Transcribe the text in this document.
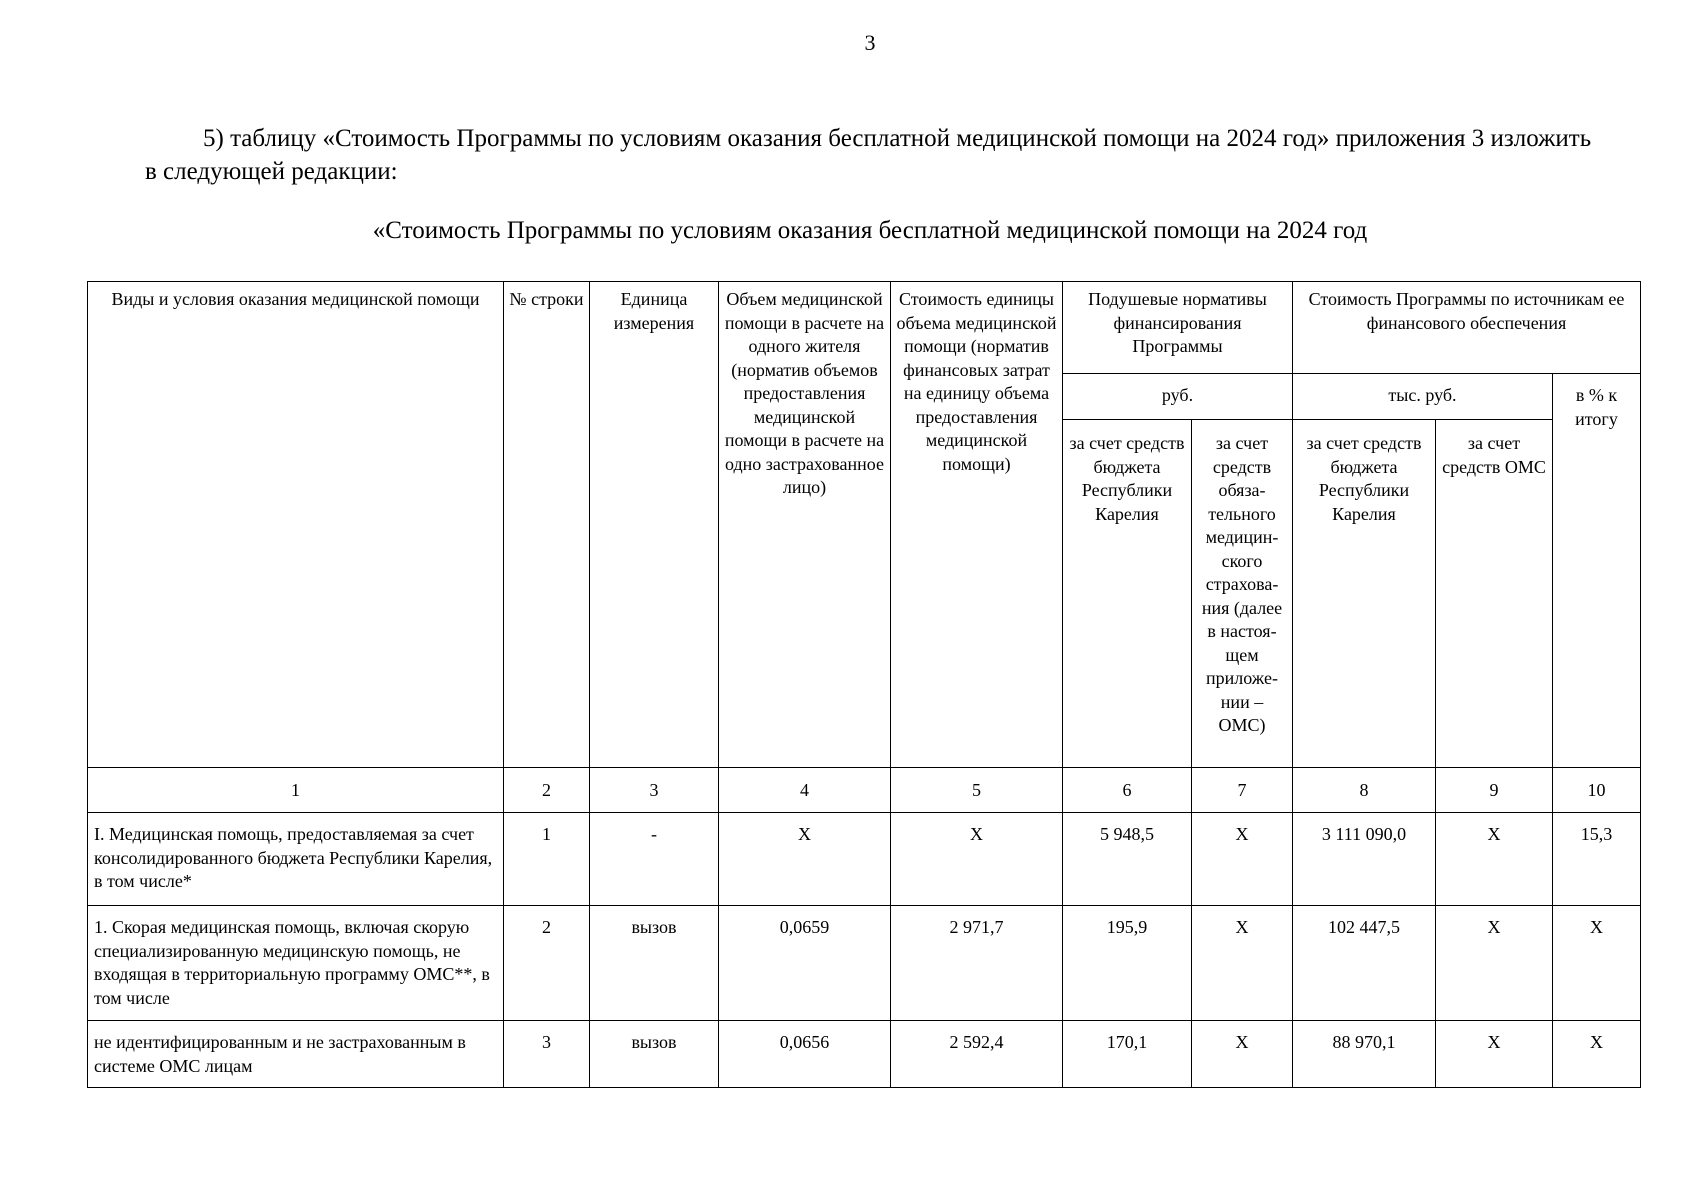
3
5) таблицу «Стоимость Программы по условиям оказания бесплатной медицинской помощи на 2024 год» приложения 3 изложить в следующей редакции:
«Стоимость Программы по условиям оказания бесплатной медицинской помощи на 2024 год
Виды и условия оказания медицинской помощи	№ строки	Единица измерения	Объем медицинской помощи в расчете на одного жителя (норматив объемов предоставления медицинской помощи в расчете на одно застрахованное лицо)	Стоимость единицы объема медицинской помощи (норматив финансовых затрат на единицу объема предоставления медицинской помощи)	Подушевые нормативы финансирования Программы		Стоимость Программы по источникам ее финансового обеспечения		
					руб.		тыс. руб.		в % к итогу
					за счет средств бюджета Республики Карелия	за счет средств обяза-тельного медицин-ского страхова-ния (далее в настоя-щем приложе-нии – ОМС)	за счет средств бюджета Республики Карелия	за счет средств ОМС	
1	2	3	4	5	6	7	8	9	10
I. Медицинская помощь, предоставляемая за счет консолидированного бюджета Республики Карелия, в том числе*	1	-	X	X	5 948,5	X	3 111 090,0	X	15,3
1. Скорая медицинская помощь, включая скорую специализированную медицинскую помощь, не входящая в территориальную программу ОМС**, в том числе	2	вызов	0,0659	2 971,7	195,9	X	102 447,5	X	X
не идентифицированным и не застрахованным в системе ОМС лицам	3	вызов	0,0656	2 592,4	170,1	X	88 970,1	X	X
